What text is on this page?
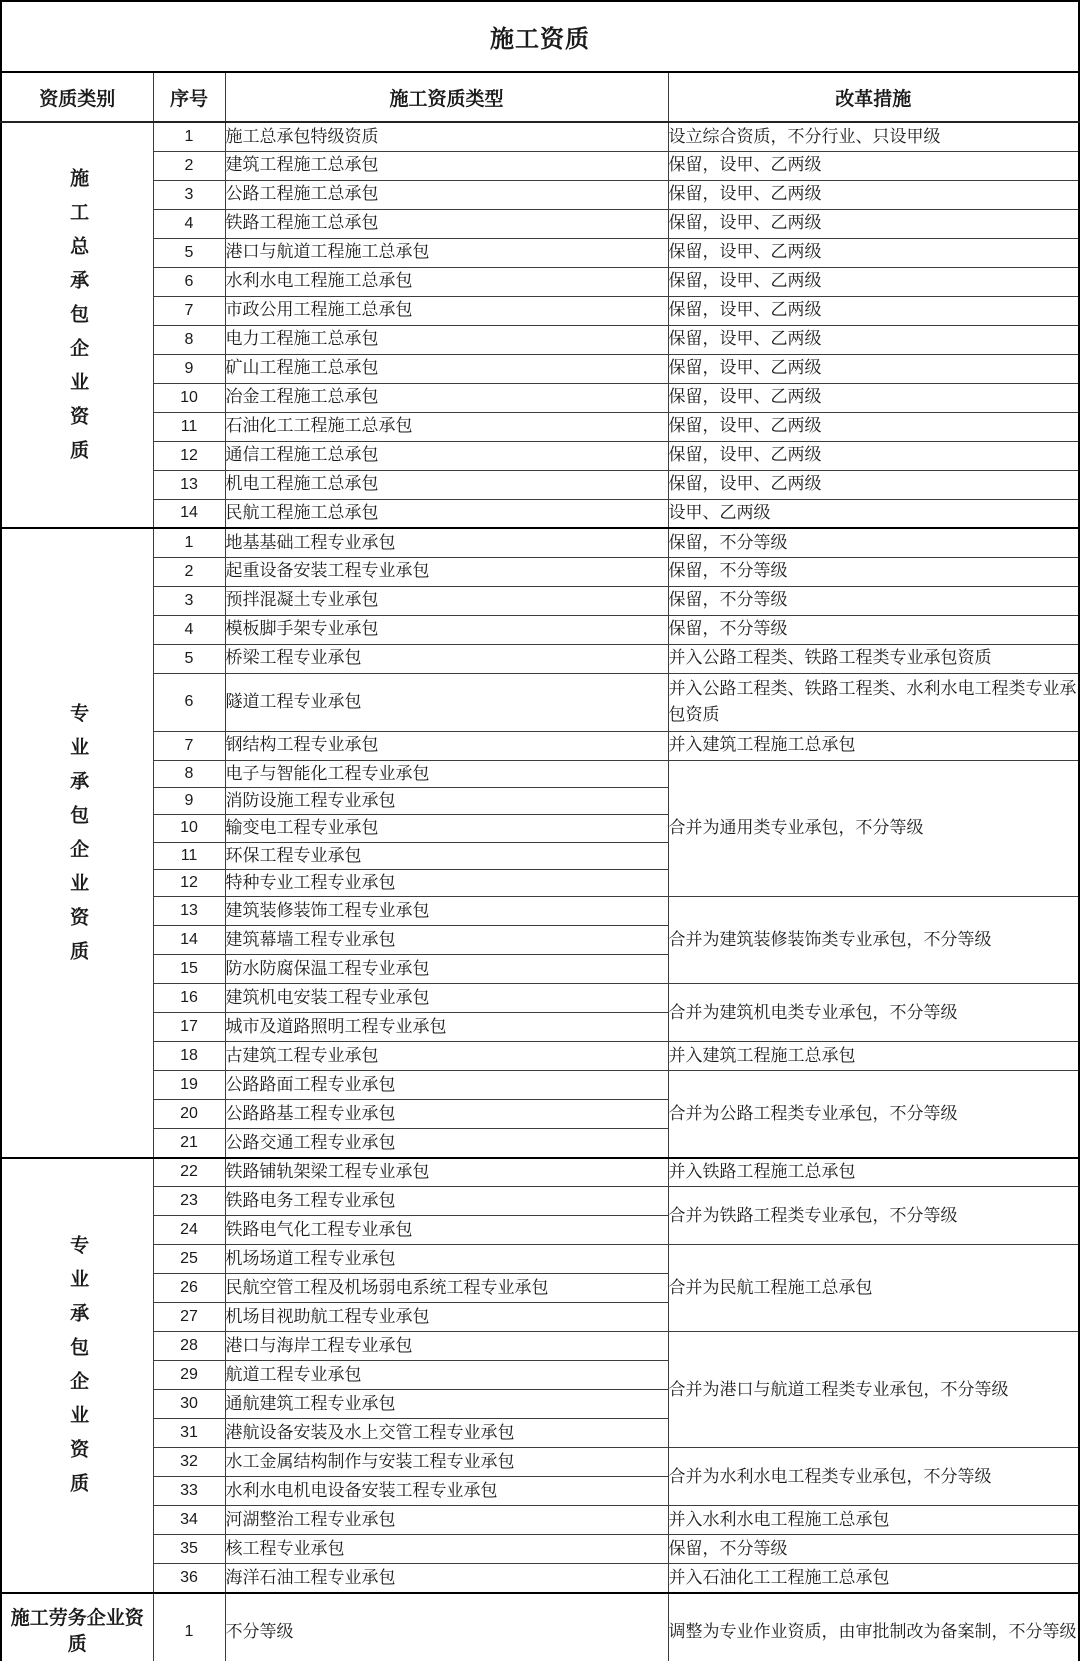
施工资质			
资质类别	序号	施工资质类型	改革措施
施工总承包企业资质	1	施工总承包特级资质	设立综合资质，不分行业、只设甲级
	2	建筑工程施工总承包	保留，设甲、乙两级
	3	公路工程施工总承包	保留，设甲、乙两级
	4	铁路工程施工总承包	保留，设甲、乙两级
	5	港口与航道工程施工总承包	保留，设甲、乙两级
	6	水利水电工程施工总承包	保留，设甲、乙两级
	7	市政公用工程施工总承包	保留，设甲、乙两级
	8	电力工程施工总承包	保留，设甲、乙两级
	9	矿山工程施工总承包	保留，设甲、乙两级
	10	冶金工程施工总承包	保留，设甲、乙两级
	11	石油化工工程施工总承包	保留，设甲、乙两级
	12	通信工程施工总承包	保留，设甲、乙两级
	13	机电工程施工总承包	保留，设甲、乙两级
	14	民航工程施工总承包	设甲、乙两级
专业承包企业资质	1	地基基础工程专业承包	保留，不分等级
	2	起重设备安装工程专业承包	保留，不分等级
	3	预拌混凝土专业承包	保留，不分等级
	4	模板脚手架专业承包	保留，不分等级
	5	桥梁工程专业承包	并入公路工程类、铁路工程类专业承包资质
	6	隧道工程专业承包	并入公路工程类、铁路工程类、水利水电工程类专业承包资质
	7	钢结构工程专业承包	并入建筑工程施工总承包
	8	电子与智能化工程专业承包	合并为通用类专业承包，不分等级
	9	消防设施工程专业承包	
	10	输变电工程专业承包	
	11	环保工程专业承包	
	12	特种专业工程专业承包	
	13	建筑装修装饰工程专业承包	合并为建筑装修装饰类专业承包，不分等级
	14	建筑幕墙工程专业承包	
	15	防水防腐保温工程专业承包	
	16	建筑机电安装工程专业承包	合并为建筑机电类专业承包，不分等级
	17	城市及道路照明工程专业承包	
	18	古建筑工程专业承包	并入建筑工程施工总承包
	19	公路路面工程专业承包	合并为公路工程类专业承包，不分等级
	20	公路路基工程专业承包	
	21	公路交通工程专业承包	
专业承包企业资质	22	铁路铺轨架梁工程专业承包	并入铁路工程施工总承包
	23	铁路电务工程专业承包	合并为铁路工程类专业承包，不分等级
	24	铁路电气化工程专业承包	
	25	机场场道工程专业承包	合并为民航工程施工总承包
	26	民航空管工程及机场弱电系统工程专业承包	
	27	机场目视助航工程专业承包	
	28	港口与海岸工程专业承包	合并为港口与航道工程类专业承包，不分等级
	29	航道工程专业承包	
	30	通航建筑工程专业承包	
	31	港航设备安装及水上交管工程专业承包	
	32	水工金属结构制作与安装工程专业承包	合并为水利水电工程类专业承包，不分等级
	33	水利水电机电设备安装工程专业承包	
	34	河湖整治工程专业承包	并入水利水电工程施工总承包
	35	核工程专业承包	保留，不分等级
	36	海洋石油工程专业承包	并入石油化工工程施工总承包
施工劳务企业资质	1	不分等级	调整为专业作业资质，由审批制改为备案制，不分等级
